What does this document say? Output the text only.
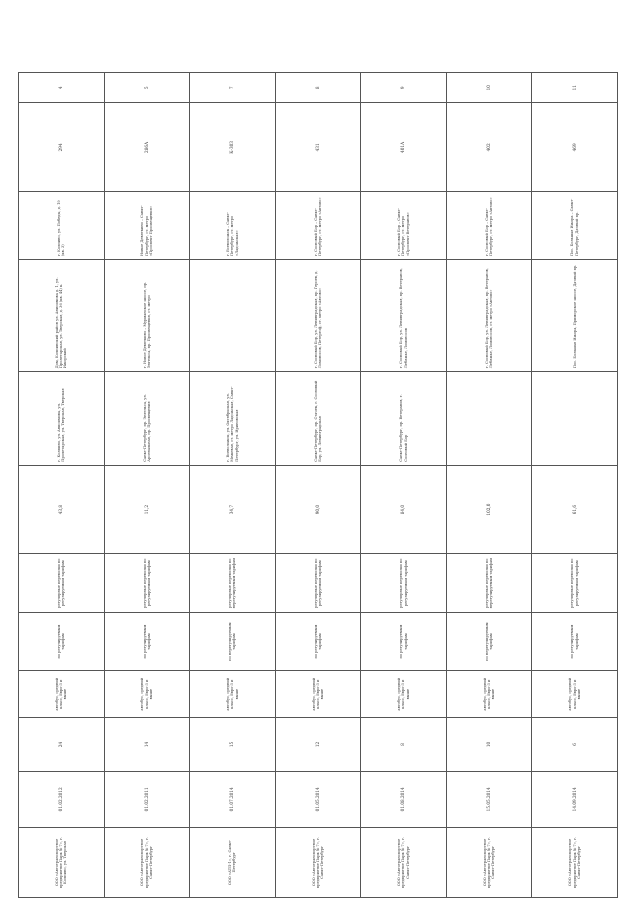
ООО «Автотранспортное предприятие Парк № 7», г. Колпино, ул. Тверская	01.02.2012	24	автобус, средний класс, Евро-3 и выше	по регулируемым тарифам	регулярные перевозки по регулируемым тарифам	43,8	г. Колпино, ул. Анисимова, ул. Пролетарская, ул. Тверская, Тверская	Дом, Колпинский район ул. Анисимова д. 1, ул. Пролетарская, ул. Тверская, д. 36 (кв. 44) к. Ижорский	г. Колпино, ул. Победы, д. 19 (кв. 3)	294	4
ООО «Автотранспортное предприятие Парк № 7», г. Санкт-Петербург	01.02.2011	14	автобус, средний класс, Евро-3 и выше	по регулируемым тарифам	регулярные перевозки по регулируемым тарифам	11,2	Санкт-Петербург, пр. Энгельса, ул. Арсенальная, пр. Просвещения	г. Новое Девяткино – Мурманское шоссе, пр. Энгельса, пр. Просвещения, ст. метро	Новые Девяткино – Санкт-Петербург, ст. метро «Проспект Просвещения»	286А	5
ООО «АТП-1», г. Санкт-Петербург	01.07.2014	15	автобус, средний класс, Евро-3 и выше	по нерегулируемым тарифам	регулярные перевозки по нерегулируемым тарифам	34,7	г. Всеволожск, ул. Октябрьская, ул. Межевая, ст. метро Ладожская, Санкт-Петербург, ул. Ириновская		г. Всеволожск – Санкт-Петербург, ст. метро «Ладожская»	К-303	7
ООО «Автотранспортное предприятие Парк № 7», г. Санкт-Петербург	01.05.2014	12	автобус, средний класс, Евро-3 и выше	по регулируемым тарифам	регулярные перевозки по регулируемым тарифам	90,0	Санкт-Петербург, пр. Стачек, г. Сосновый Бор, ул. Ленинградская	г. Сосновый Бор, ул. Ленинградская, пр. Героев, д. Ломоносов, Петергоф, ст. метро «Автово»	г. Сосновый Бор – Санкт-Петербург, ст. метро «Автово»	431	8
ООО «Автотранспортное предприятие Парк № 7», г. Санкт-Петербург	01.08.2014	8	автобус, средний класс, Евро-3 и выше	по регулируемым тарифам	регулярные перевозки по регулируемым тарифам	84,0	Санкт-Петербург, пр. Ветеранов, г. Сосновый Бор	г. Сосновый Бор, ул. Ленинградская, пр. Ветеранов, Лебяжье, Ломоносов	г. Сосновый Бор – Санкт-Петербург, ст. метро «Проспект Ветеранов»	401А	9
ООО «Автотранспортное предприятие Парк № 7», г. Санкт-Петербург	15.05.2014	10	автобус, средний класс, Евро-3 и выше	по нерегулируемым тарифам	регулярные перевозки по нерегулируемым тарифам	102,0		г. Сосновый Бор, ул. Ленинградская, пр. Ветеранов, Лебяжье, Ломоносов, ст. метро «Автово»	г. Сосновый Бор – Санкт-Петербург, ст. метро «Автово»	402	10
ООО «Автотранспортное предприятие Парк № 7», г. Санкт-Петербург	14.09.2014	6	автобус, средний класс, Евро-3 и выше	по регулируемым тарифам	регулярные перевозки по регулируемым тарифам	61,6		Пос. Большая Ижора, Приморское шоссе, Дачный пр.	Пос. Большая Ижора – Санкт-Петербург, Дачный пр.	469	11
